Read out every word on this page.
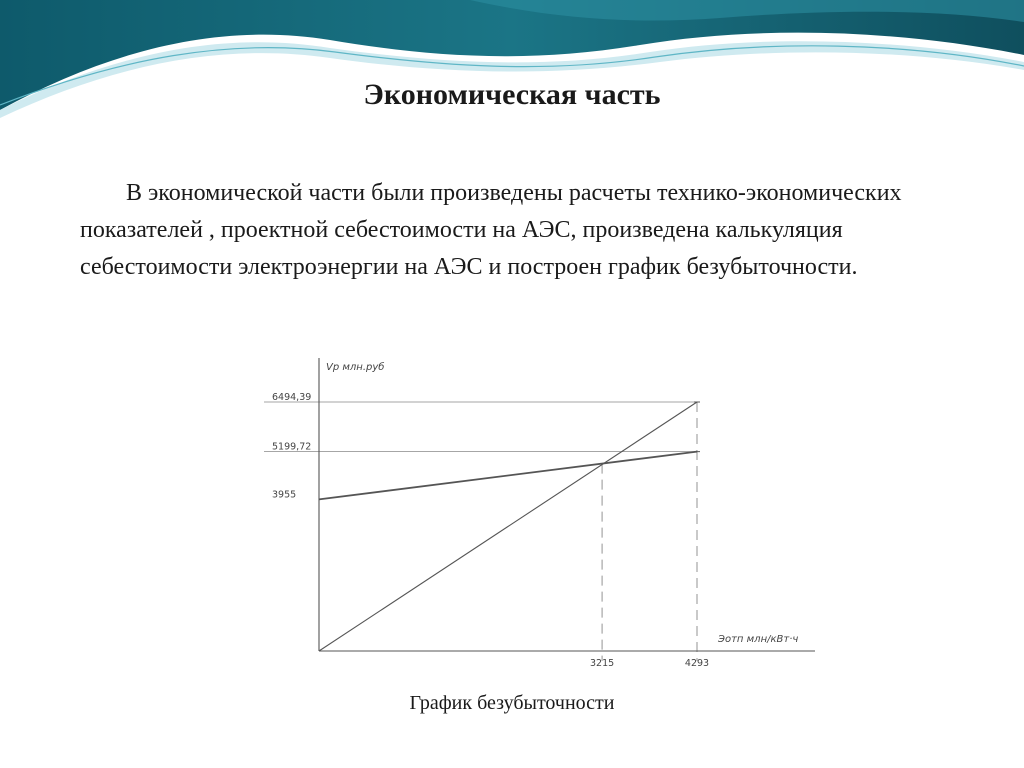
Экономическая часть

В экономической части были произведены расчеты технико-экономических показателей , проектной себестоимости на АЭС, произведена калькуляция себестоимости электроэнергии на АЭС и построен график безубыточности.

6494,39
5199,72
3955
3215	4293
Vр млн.руб
Эотп млн/кВт·ч

График безубыточности
